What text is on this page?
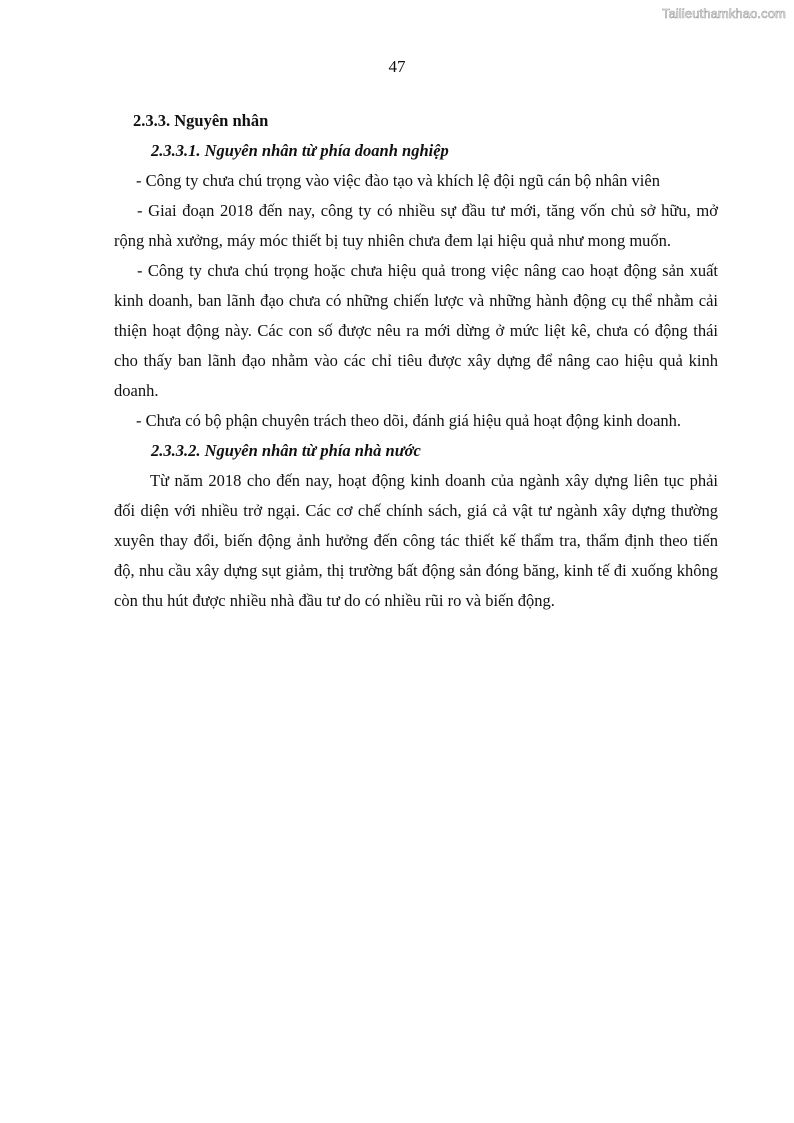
Tailieuthamkhao.com
47

2.3.3. Nguyên nhân

2.3.3.1. Nguyên nhân từ phía doanh nghiệp

- Công ty chưa chú trọng vào việc đào tạo và khích lệ đội ngũ cán bộ nhân viên

- Giai đoạn 2018 đến nay, công ty có nhiều sự đầu tư mới, tăng vốn chủ sở hữu, mở rộng nhà xưởng, máy móc thiết bị tuy nhiên chưa đem lại hiệu quả như mong muốn.

- Công ty chưa chú trọng hoặc chưa hiệu quả trong việc nâng cao hoạt động sản xuất kinh doanh, ban lãnh đạo chưa có những chiến lược và những hành động cụ thể nhằm cải thiện hoạt động này. Các con số được nêu ra mới dừng ở mức liệt kê, chưa có động thái cho thấy ban lãnh đạo nhằm vào các chỉ tiêu được xây dựng để nâng cao hiệu quả kinh doanh.

- Chưa có bộ phận chuyên trách theo dõi, đánh giá hiệu quả hoạt động kinh doanh.

2.3.3.2. Nguyên nhân từ phía nhà nước

Từ năm 2018 cho đến nay, hoạt động kinh doanh của ngành xây dựng liên tục phải đối diện với nhiều trở ngại. Các cơ chế chính sách, giá cả vật tư ngành xây dựng thường xuyên thay đổi, biến động ảnh hưởng đến công tác thiết kế thẩm tra, thẩm định theo tiến độ, nhu cầu xây dựng sụt giảm, thị trường bất động sản đóng băng, kinh tế đi xuống không còn thu hút được nhiều nhà đầu tư do có nhiều rũi ro và biến động.
